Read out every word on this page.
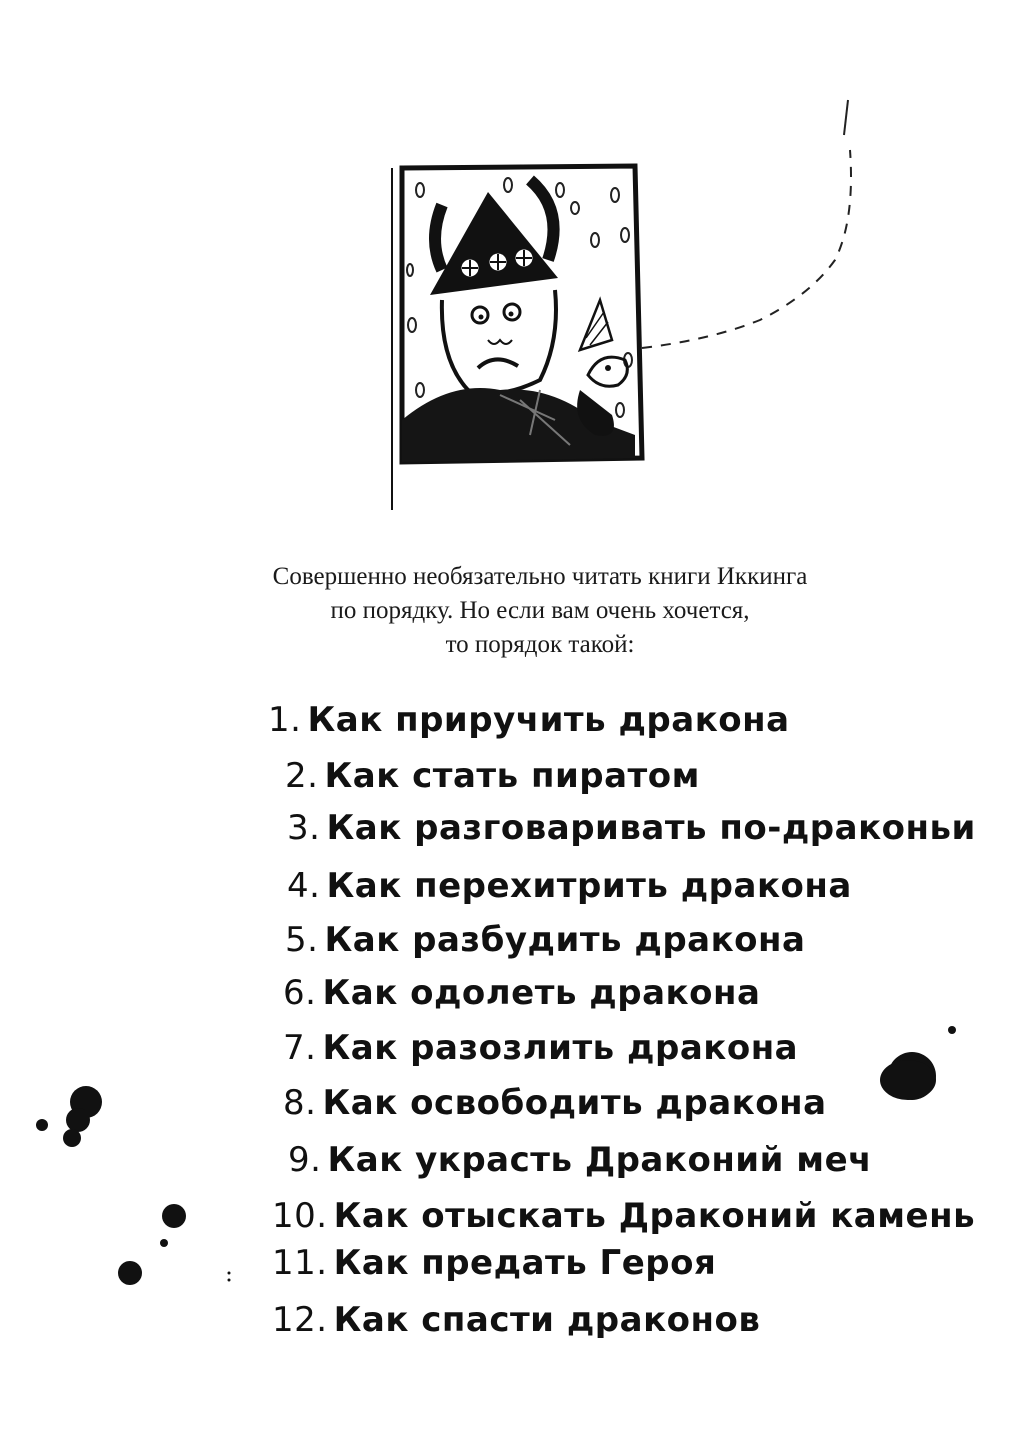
Совершенно необязательно читать книги Иккинга
по порядку. Но если вам очень хочется,
то порядок такой:
1. Как приручить дракона
2. Как стать пиратом
3. Как разговаривать по-драконьи
4. Как перехитрить дракона
5. Как разбудить дракона
6. Как одолеть дракона
7. Как разозлить дракона
8. Как освободить дракона
9. Как украсть Драконий меч
10. Как отыскать Драконий камень
11. Как предать Героя
12. Как спасти драконов
